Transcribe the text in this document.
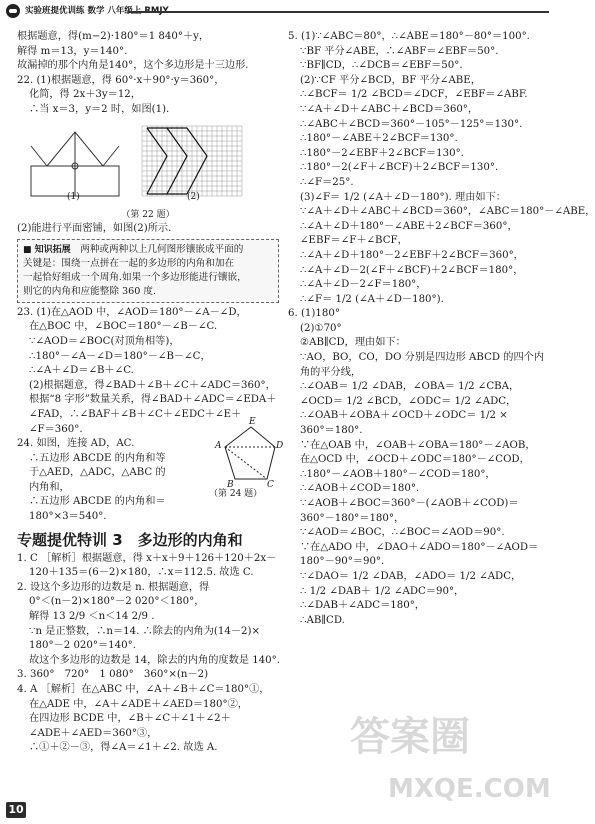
实验班提优训练 数学 八年级上 RMJY
根据题意，得(m−2)·180°＝1 840°＋y，
解得 m＝13，y＝140°.
故漏掉的那个内角是140°，这个多边形是十三边形.
22. (1)根据题意，得 60°·x＋90°·y＝360°，
化简，得 2x＋3y＝12，
∴当 x＝3，y＝2 时，如图(1).
(1)	(2)
（第 22 题）
(2)能进行平面密铺，如图(2)所示.
■ 知识拓展　 两种或两种以上几何图形镶嵌成平面的
关键是：围绕一点拼在一起的多边形的内角和加在
一起恰好组成一个周角.如果一个多边形能进行镶嵌，
则它的内角和应能整除 360 度.
23. (1)在△AOD 中，∠AOD＝180°－∠A－∠D，
在△BOC 中，∠BOC＝180°－∠B－∠C.
∵∠AOD＝∠BOC(对顶角相等)，
∴180°－∠A－∠D＝180°－∠B－∠C，
∴∠A＋∠D＝∠B＋∠C.
(2)根据题意，得∠BAD＋∠B＋∠C＋∠ADC＝360°，
根据“8 字形”数量关系，得∠BAD＋∠ADC＝∠EDA＋
∠FAD，∴∠BAF＋∠B＋∠C＋∠EDC＋∠E＋
∠F＝360°.
24. 如图，连接 AD，AC.
∴五边形 ABCDE 的内角和等
于△AED，△ADC，△ABC 的
内角和，
∴五边形 ABCDE 的内角和＝
180°×3＝540°.
E
A	D
B	C
（第 24 题）
专题提优特训 3　多边形的内角和
1. C ［解析］根据题意，得 x＋x＋9＋126＋120＋2x－
120＋135＝(6－2)×180，∴x＝112.5. 故选 C.
2. 设这个多边形的边数是 n. 根据题意，得
0°＜(n－2)×180°－2 020°＜180°，
解得 13 2/9 ＜n＜14 2/9 .
∵n 是正整数，∴n＝14. ∴除去的内角为(14－2)×
180°－2 020°＝140°.
故这个多边形的边数是 14，除去的内角的度数是 140°.
3. 360°　720°　1 080°　360°×(n－2)
4. A ［解析］在△ABC 中，∠A＋∠B＋∠C＝180°①，
在△ADE 中，∠A＋∠ADE＋∠AED＝180°②，
在四边形 BCDE 中，∠B＋∠C＋∠1＋∠2＋
∠ADE＋∠AED＝360°③，
∴①＋②－③，得∠A＝∠1＋∠2. 故选 A.
5. (1)∵∠ABC＝80°，∴∠ABE＝180°－80°＝100°.
∵BF 平分∠ABE，∴∠ABF＝∠EBF＝50°.
∵BF∥CD，∴∠DCB＝∠EBF＝50°.
(2)∵CF 平分∠BCD，BF 平分∠ABE，
∴∠BCF＝ 1/2 ∠BCD＝∠DCF，∠EBF＝∠ABF.
∵∠A＋∠D＋∠ABC＋∠BCD＝360°，
∴∠ABC＋∠BCD＝360°－105°－125°＝130°.
∴180°－∠ABE＋2∠BCF＝130°.
∴180°－2∠EBF＋2∠BCF＝130°.
∴180°－2(∠F＋∠BCF)＋2∠BCF＝130°.
∴∠F＝25°.
(3)∠F＝ 1/2 (∠A＋∠D－180°). 理由如下：
∵∠A＋∠D＋∠ABC＋∠BCD＝360°，∠ABC＝180°－∠ABE，
∴∠A＋∠D＋180°－∠ABE＋2∠BCF＝360°，
∠EBF＝∠F＋∠BCF，
∴∠A＋∠D＋180°－2∠EBF＋2∠BCF＝360°，
∴∠A＋∠D－2(∠F＋∠BCF)＋2∠BCF＝180°，
∴∠A＋∠D－2∠F＝180°，
∴∠F＝ 1/2 (∠A＋∠D－180°).
6. (1)180°
(2)①70°
②AB∥CD，理由如下：
∵AO，BO，CO，DO 分别是四边形 ABCD 的四个内
角的平分线，
∴∠OAB＝ 1/2 ∠DAB，∠OBA＝ 1/2 ∠CBA，
∠OCD＝ 1/2 ∠BCD，∠ODC＝ 1/2 ∠ADC，
∴∠OAB＋∠OBA＋∠OCD＋∠ODC＝ 1/2 ×
360°＝180°.
∵在△OAB 中，∠OAB＋∠OBA＝180°－∠AOB，
在△OCD 中，∠OCD＋∠ODC＝180°－∠COD，
∴180°－∠AOB＋180°－∠COD＝180°，
∴∠AOB＋∠COD＝180°.
∵∠AOB＋∠BOC＝360°－(∠AOB＋∠COD)＝
360°－180°＝180°，
∵∠AOD＝∠BOC，∴∠BOC＝∠AOD＝90°.
∵在△ADO 中，∠DAO＋∠ADO＝180°－∠AOD＝
180°－90°＝90°.
∵∠DAO＝ 1/2 ∠DAB，∠ADO＝ 1/2 ∠ADC，
∴ 1/2 ∠DAB＋ 1/2 ∠ADC＝90°，
∴∠DAB＋∠ADC＝180°，
∴AB∥CD.
答案圈
MXQE.COM
10
